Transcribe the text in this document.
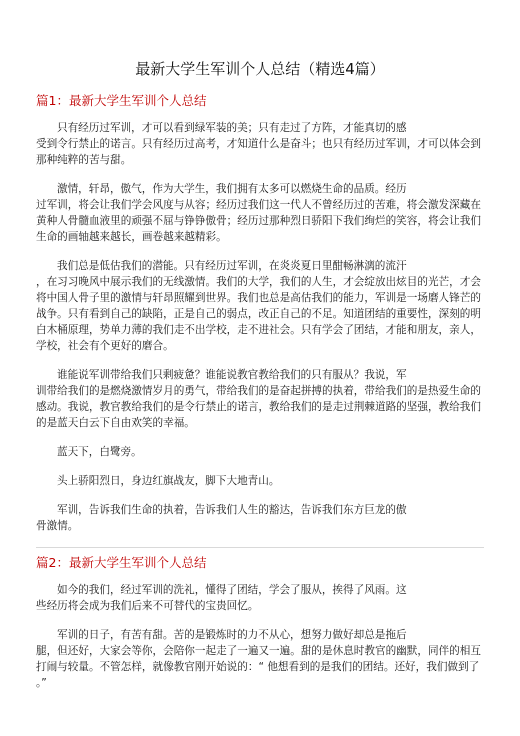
最新大学生军训个人总结（精选4篇）
篇1：最新大学生军训个人总结

只有经历过军训，才可以看到绿军装的美；只有走过了方阵，才能真切的感
受到令行禁止的诺言。只有经历过高考，才知道什么是奋斗；也只有经历过军训，才可以体会到
那种纯粹的苦与甜。

激情，轩昂，傲气，作为大学生，我们拥有太多可以燃烧生命的品质。经历
过军训，将会让我们学会风度与从容；经历过我们这一代人不曾经历过的苦难，将会激发深藏在
黄种人骨髓血液里的顽强不屈与铮铮傲骨；经历过那种烈日骄阳下我们绚烂的笑容，将会让我们
生命的画轴越来越长，画卷越来越精彩。

我们总是低估我们的潜能。只有经历过军训，在炎炎夏日里酣畅淋漓的流汗
，在习习晚风中展示我们的无线激情。我们的大学，我们的人生，才会绽放出炫目的光芒，才会
将中国人骨子里的激情与轩昂照耀到世界。我们也总是高估我们的能力，军训是一场磨人锋芒的
战争。只有看到自己的缺陷，正是自己的弱点，改正自己的不足。知道团结的重要性，深刻的明
白木桶原理，势单力薄的我们走不出学校，走不进社会。只有学会了团结，才能和朋友，亲人，
学校，社会有个更好的磨合。

谁能说军训带给我们只剩疲惫？谁能说教官教给我们的只有服从？我说，军
训带给我们的是燃烧激情岁月的勇气，带给我们的是奋起拼搏的执着，带给我们的是热爱生命的
感动。我说，教官教给我们的是令行禁止的诺言，教给我们的是走过荆棘道路的坚强，教给我们
的是蓝天白云下自由欢笑的幸福。

蓝天下，白鹭旁。

头上骄阳烈日，身边红旗战友，脚下大地青山。

军训，告诉我们生命的执着，告诉我们人生的豁达，告诉我们东方巨龙的傲
骨激情。

篇2：最新大学生军训个人总结

如今的我们，经过军训的洗礼，懂得了团结，学会了服从，挨得了风雨。这
些经历将会成为我们后来不可替代的宝贵回忆。

军训的日子，有苦有甜。苦的是锻炼时的力不从心，想努力做好却总是拖后
腿，但还好，大家会等你，会陪你一起走了一遍又一遍。甜的是休息时教官的幽默，同伴的相互
打闹与较量。不管怎样，就像教官刚开始说的：“ 他想看到的是我们的团结。还好，我们做到了
。”
